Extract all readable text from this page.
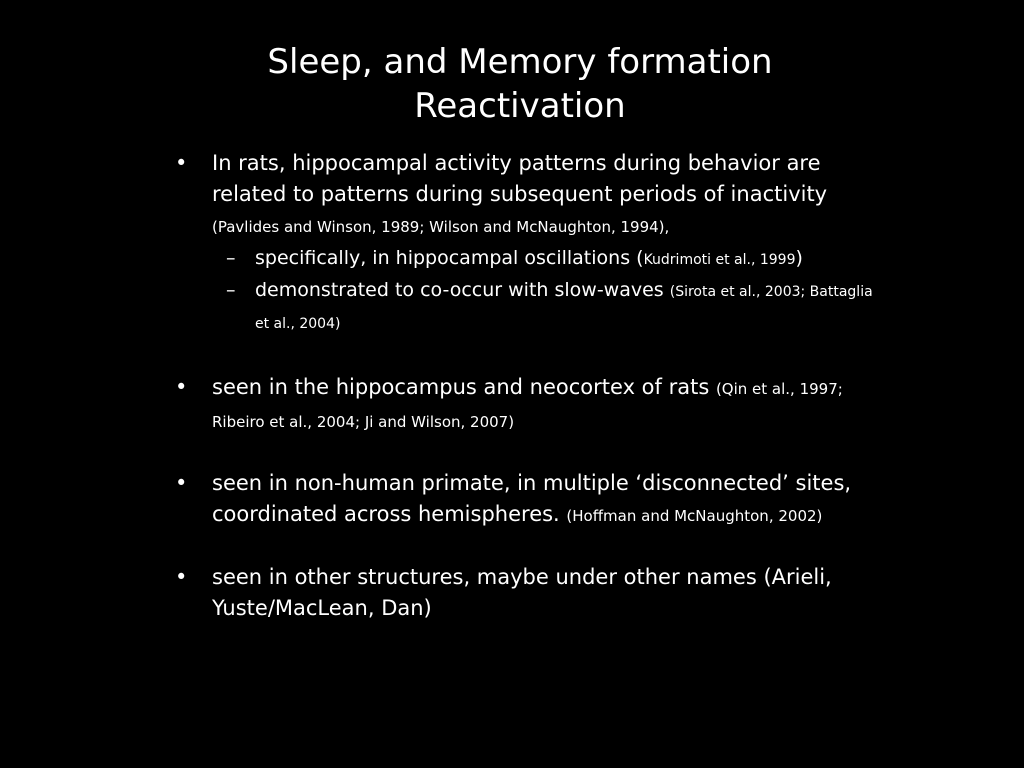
Sleep, and Memory formation
Reactivation
•	In rats, hippocampal activity patterns during behavior are related to patterns during subsequent periods of inactivity (Pavlides and Winson, 1989; Wilson and McNaughton, 1994),
– specifically, in hippocampal oscillations (Kudrimoti et al., 1999)
– demonstrated to co-occur with slow-waves (Sirota et al., 2003; Battaglia et al., 2004)
•	seen in the hippocampus and neocortex of rats (Qin et al., 1997; Ribeiro et al., 2004; Ji and Wilson, 2007)
•	seen in non-human primate, in multiple ‘disconnected’ sites, coordinated across hemispheres. (Hoffman and McNaughton, 2002)
•	seen in other structures, maybe under other names (Arieli, Yuste/MacLean, Dan)
